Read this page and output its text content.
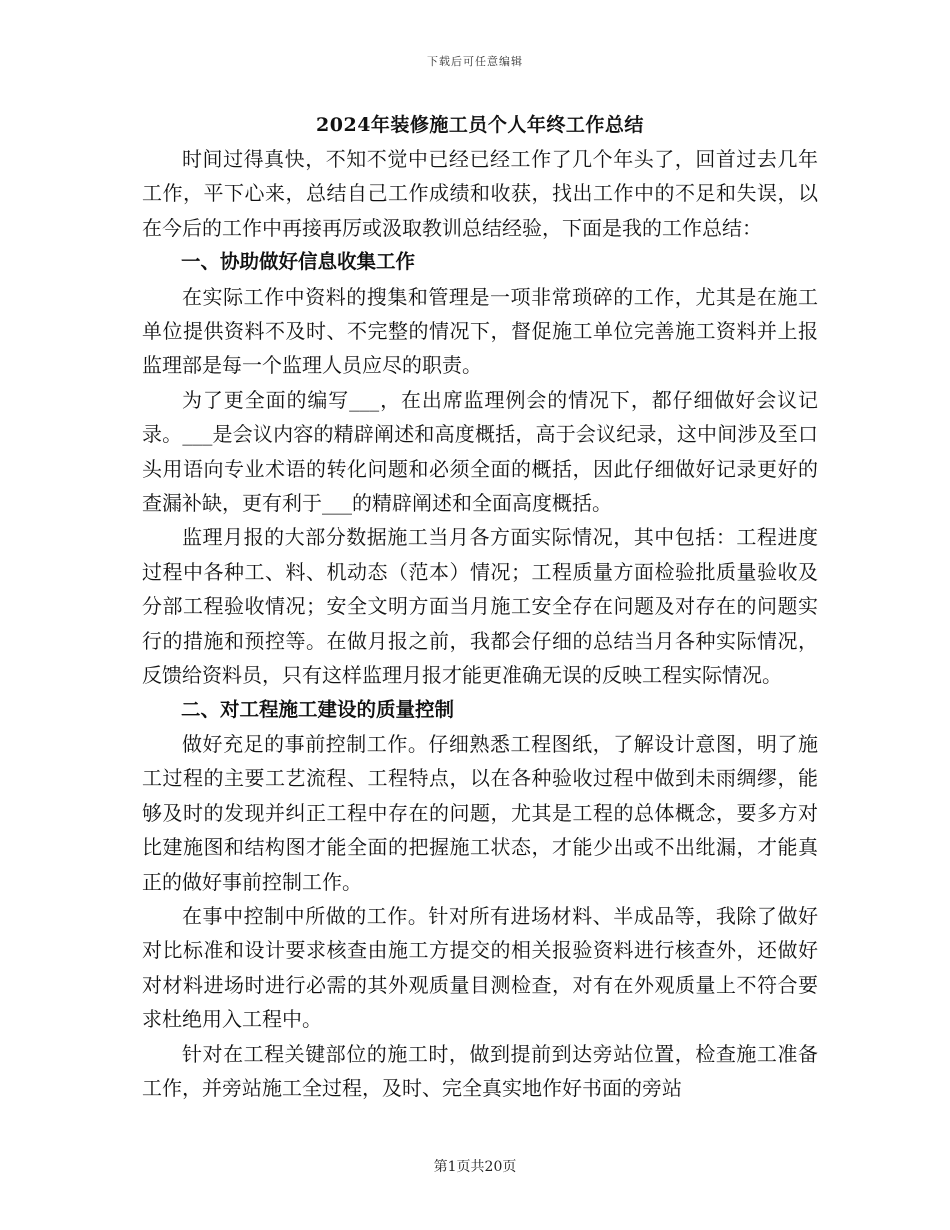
下载后可任意编辑
2024年装修施工员个人年终工作总结

时间过得真快，不知不觉中已经已经工作了几个年头了，回首过去几年工作，平下心来，总结自己工作成绩和收获，找出工作中的不足和失误，以在今后的工作中再接再厉或汲取教训总结经验，下面是我的工作总结：

一、协助做好信息收集工作

在实际工作中资料的搜集和管理是一项非常琐碎的工作，尤其是在施工单位提供资料不及时、不完整的情况下，督促施工单位完善施工资料并上报监理部是每一个监理人员应尽的职责。

为了更全面的编写___，在出席监理例会的情况下，都仔细做好会议记录。___是会议内容的精辟阐述和高度概括，高于会议纪录，这中间涉及至口头用语向专业术语的转化问题和必须全面的概括，因此仔细做好记录更好的查漏补缺，更有利于___的精辟阐述和全面高度概括。

监理月报的大部分数据施工当月各方面实际情况，其中包括：工程进度过程中各种工、料、机动态（范本）情况；工程质量方面检验批质量验收及分部工程验收情况；安全文明方面当月施工安全存在问题及对存在的问题实行的措施和预控等。在做月报之前，我都会仔细的总结当月各种实际情况，反馈给资料员，只有这样监理月报才能更准确无误的反映工程实际情况。

二、对工程施工建设的质量控制

做好充足的事前控制工作。仔细熟悉工程图纸，了解设计意图，明了施工过程的主要工艺流程、工程特点，以在各种验收过程中做到未雨绸缪，能够及时的发现并纠正工程中存在的问题，尤其是工程的总体概念，要多方对比建施图和结构图才能全面的把握施工状态，才能少出或不出纰漏，才能真正的做好事前控制工作。

在事中控制中所做的工作。针对所有进场材料、半成品等，我除了做好对比标准和设计要求核查由施工方提交的相关报验资料进行核查外，还做好对材料进场时进行必需的其外观质量目测检查，对有在外观质量上不符合要求杜绝用入工程中。

针对在工程关键部位的施工时，做到提前到达旁站位置，检查施工准备工作，并旁站施工全过程，及时、完全真实地作好书面的旁站

第1页共20页
